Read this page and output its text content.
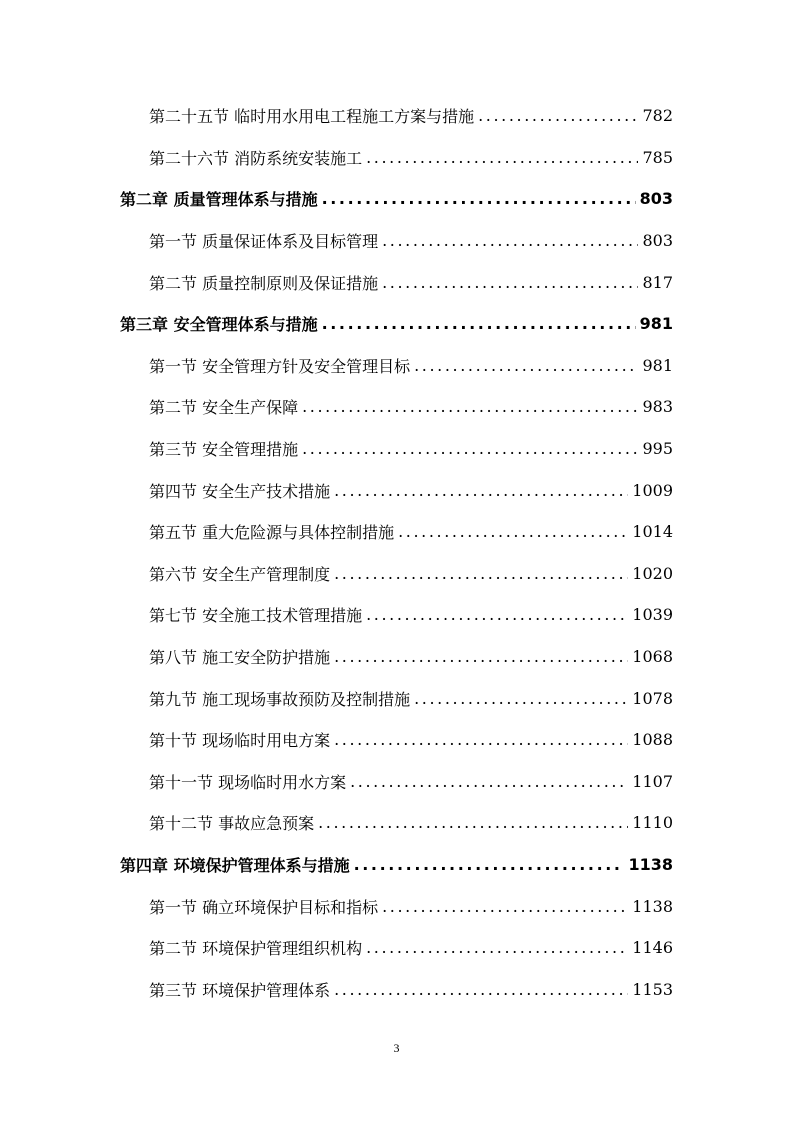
第二十五节 临时用水用电工程施工方案与措施 .....	782
第二十六节 消防系统安装施工 .....	785
第二章 质量管理体系与措施 .....	803
第一节 质量保证体系及目标管理 .....	803
第二节 质量控制原则及保证措施 .....	817
第三章 安全管理体系与措施 .....	981
第一节 安全管理方针及安全管理目标 .....	981
第二节 安全生产保障 .....	983
第三节 安全管理措施 .....	995
第四节 安全生产技术措施 .....	1009
第五节 重大危险源与具体控制措施 .....	1014
第六节 安全生产管理制度 .....	1020
第七节 安全施工技术管理措施 .....	1039
第八节 施工安全防护措施 .....	1068
第九节 施工现场事故预防及控制措施 .....	1078
第十节 现场临时用电方案 .....	1088
第十一节 现场临时用水方案 .....	1107
第十二节 事故应急预案 .....	1110
第四章 环境保护管理体系与措施 .....	1138
第一节 确立环境保护目标和指标 .....	1138
第二节 环境保护管理组织机构 .....	1146
第三节 环境保护管理体系 .....	1153
3
